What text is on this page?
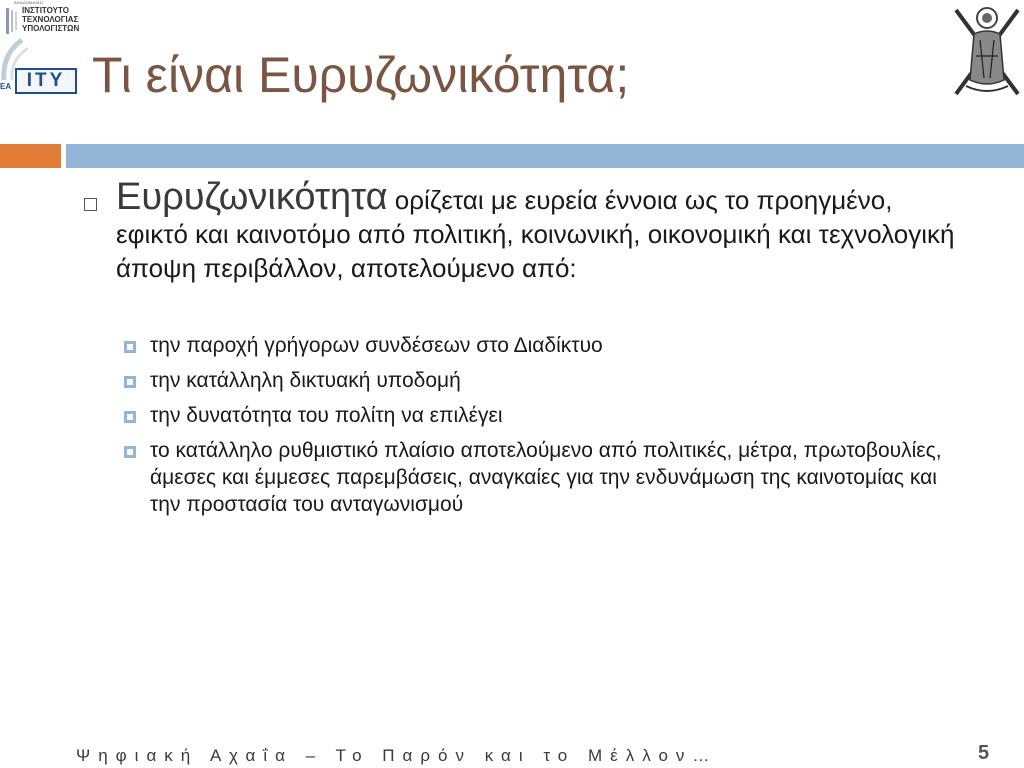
ΑΚΑΔΗΜΑΪΚΟ
ΙΝΣΤΙΤΟΥΤΟ
ΤΕΧΝΟΛΟΓΙΑΣ
ΥΠΟΛΟΓΙΣΤΩΝ
ΕΑ ITY Τι είναι Ευρυζωνικότητα;
Ευρυζωνικότητα ορίζεται με ευρεία έννοια ως το προηγμένο, εφικτό και καινοτόμο από πολιτική, κοινωνική, οικονομική και τεχνολογική άποψη περιβάλλον, αποτελούμενο από:
την παροχή γρήγορων συνδέσεων στο Διαδίκτυο
την κατάλληλη δικτυακή υποδομή
την δυνατότητα του πολίτη να επιλέγει
το κατάλληλο ρυθμιστικό πλαίσιο αποτελούμενο από πολιτικές, μέτρα, πρωτοβουλίες, άμεσες και έμμεσες παρεμβάσεις, αναγκαίες για την ενδυνάμωση της καινοτομίας και την προστασία του ανταγωνισμού
Ψηφιακή Αχαΐα – Το Παρόν και το Μέλλον…	5
